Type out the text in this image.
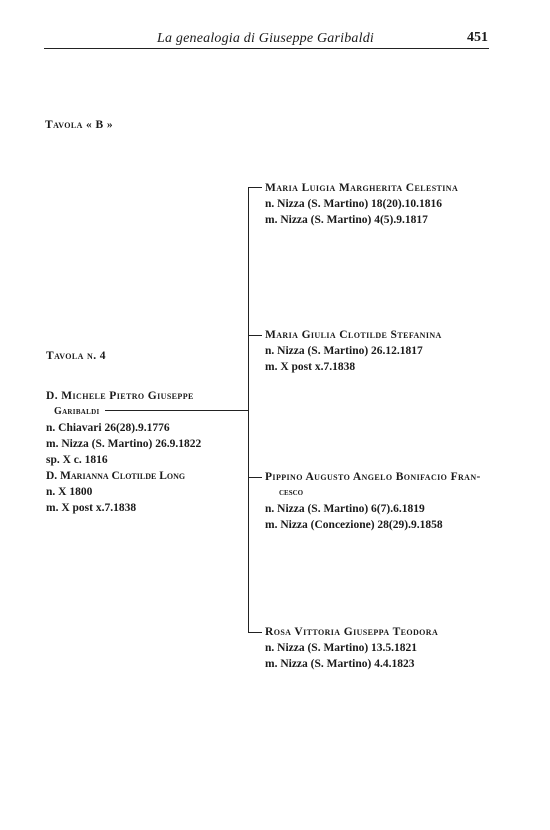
La genealogia di Giuseppe Garibaldi	451
Tavola « B »
Tavola n. 4
D. Michele Pietro Giuseppe
Garibaldi
n. Chiavari 26(28).9.1776
m. Nizza (S. Martino) 26.9.1822
sp. X c. 1816
D. Marianna Clotilde Long
n. X 1800
m. X post x.7.1838
Maria Luigia Margherita Celestina
n. Nizza (S. Martino) 18(20).10.1816
m. Nizza (S. Martino) 4(5).9.1817
Maria Giulia Clotilde Stefanina
n. Nizza (S. Martino) 26.12.1817
m. X post x.7.1838
Pippino Augusto Angelo Bonifacio Fran-
cesco
n. Nizza (S. Martino) 6(7).6.1819
m. Nizza (Concezione) 28(29).9.1858
Rosa Vittoria Giuseppa Teodora
n. Nizza (S. Martino) 13.5.1821
m. Nizza (S. Martino) 4.4.1823
